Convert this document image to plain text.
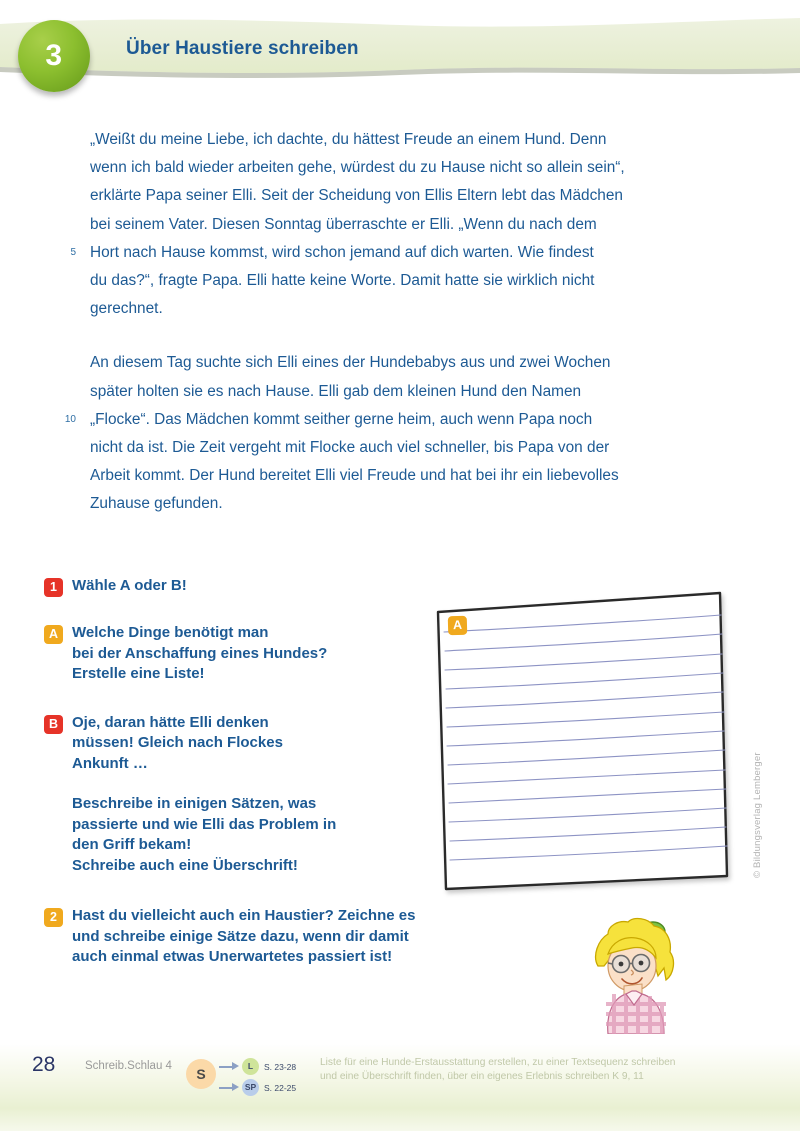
3	Über Haustiere schreiben
„Weißt du meine Liebe, ich dachte, du hättest Freude an einem Hund. Denn
wenn ich bald wieder arbeiten gehe, würdest du zu Hause nicht so allein sein“,
erklärte Papa seiner Elli. Seit der Scheidung von Ellis Eltern lebt das Mädchen
bei seinem Vater. Diesen Sonntag überraschte er Elli. „Wenn du nach dem
5 Hort nach Hause kommst, wird schon jemand auf dich warten. Wie findest
du das?“, fragte Papa. Elli hatte keine Worte. Damit hatte sie wirklich nicht
gerechnet.
An diesem Tag suchte sich Elli eines der Hundebabys aus und zwei Wochen
später holten sie es nach Hause. Elli gab dem kleinen Hund den Namen
10 „Flocke“. Das Mädchen kommt seither gerne heim, auch wenn Papa noch
nicht da ist. Die Zeit vergeht mit Flocke auch viel schneller, bis Papa von der
Arbeit kommt. Der Hund bereitet Elli viel Freude und hat bei ihr ein liebevolles
Zuhause gefunden.
1	Wähle A oder B!
A Welche Dinge benötigt man
bei der Anschaffung eines Hundes?
Erstelle eine Liste!
B Oje, daran hätte Elli denken
müssen! Gleich nach Flockes
Ankunft …
Beschreibe in einigen Sätzen, was
passierte und wie Elli das Problem in
den Griff bekam!
Schreibe auch eine Überschrift!
2	Hast du vielleicht auch ein Haustier? Zeichne es
und schreibe einige Sätze dazu, wenn dir damit
auch einmal etwas Unerwartetes passiert ist!
A
© Bildungsverlag Lemberger
28	Schreib.Schlau 4	S	L	S. 23-28
SP S. 22-25
Liste für eine Hunde-Erstausstattung erstellen, zu einer Textsequenz schreiben
und eine Überschrift finden, über ein eigenes Erlebnis schreiben K 9, 11
